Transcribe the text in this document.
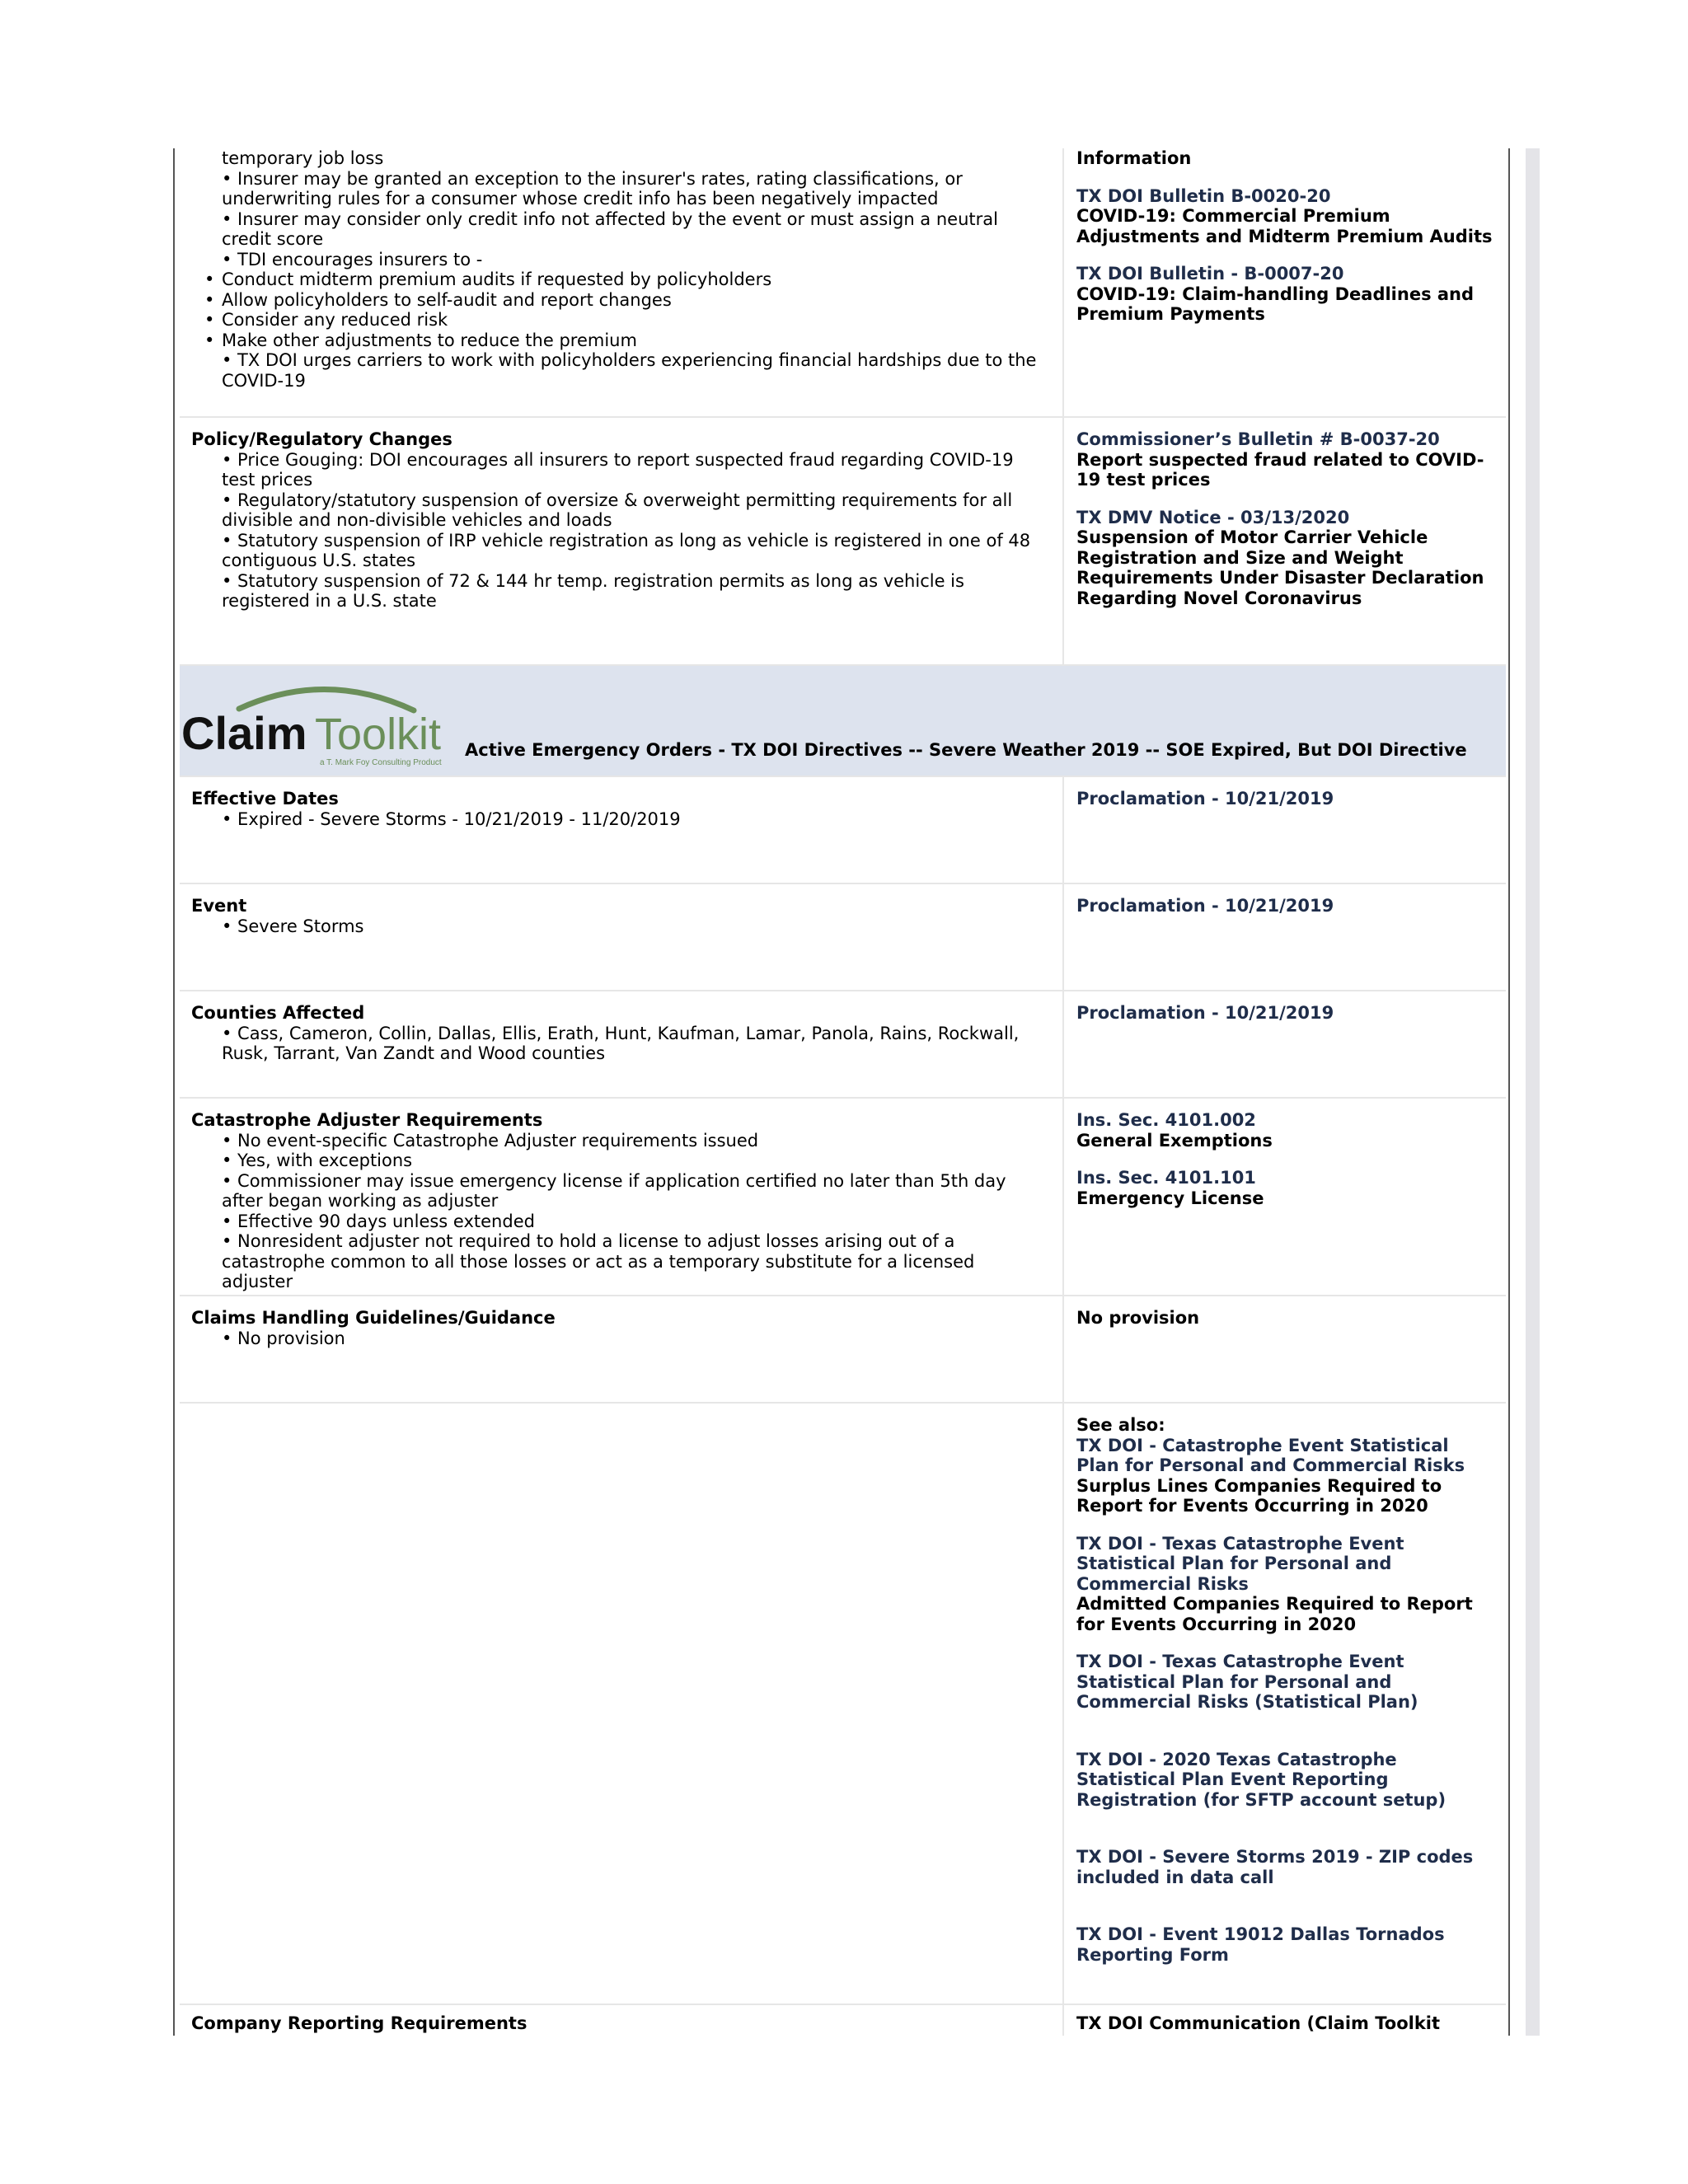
temporary job loss
• Insurer may be granted an exception to the insurer's rates, rating classifications, or underwriting rules for a consumer whose credit info has been negatively impacted
• Insurer may consider only credit info not affected by the event or must assign a neutral credit score
• TDI encourages insurers to -
• Conduct midterm premium audits if requested by policyholders
• Allow policyholders to self-audit and report changes
• Consider any reduced risk
• Make other adjustments to reduce the premium
• TX DOI urges carriers to work with policyholders experiencing financial hardships due to the COVID-19
Information
TX DOI Bulletin B-0020-20
COVID-19: Commercial Premium Adjustments and Midterm Premium Audits
TX DOI Bulletin - B-0007-20
COVID-19: Claim-handling Deadlines and Premium Payments
Policy/Regulatory Changes
• Price Gouging: DOI encourages all insurers to report suspected fraud regarding COVID-19 test prices
• Regulatory/statutory suspension of oversize & overweight permitting requirements for all divisible and non-divisible vehicles and loads
• Statutory suspension of IRP vehicle registration as long as vehicle is registered in one of 48 contiguous U.S. states
• Statutory suspension of 72 & 144 hr temp. registration permits as long as vehicle is registered in a U.S. state
Commissioner’s Bulletin # B-0037-20
Report suspected fraud related to COVID-19 test prices
TX DMV Notice - 03/13/2020
Suspension of Motor Carrier Vehicle Registration and Size and Weight Requirements Under Disaster Declaration Regarding Novel Coronavirus
Claim Toolkit
a T. Mark Foy Consulting Product
Active Emergency Orders - TX DOI Directives -- Severe Weather 2019 -- SOE Expired, But DOI Directive
Effective Dates
• Expired - Severe Storms - 10/21/2019 - 11/20/2019
Proclamation - 10/21/2019
Event
• Severe Storms
Proclamation - 10/21/2019
Counties Affected
• Cass, Cameron, Collin, Dallas, Ellis, Erath, Hunt, Kaufman, Lamar, Panola, Rains, Rockwall, Rusk, Tarrant, Van Zandt and Wood counties
Proclamation - 10/21/2019
Catastrophe Adjuster Requirements
• No event-specific Catastrophe Adjuster requirements issued
• Yes, with exceptions
• Commissioner may issue emergency license if application certified no later than 5th day after began working as adjuster
• Effective 90 days unless extended
• Nonresident adjuster not required to hold a license to adjust losses arising out of a catastrophe common to all those losses or act as a temporary substitute for a licensed adjuster
Ins. Sec. 4101.002
General Exemptions
Ins. Sec. 4101.101
Emergency License
Claims Handling Guidelines/Guidance
• No provision
No provision
See also:
TX DOI - Catastrophe Event Statistical Plan for Personal and Commercial Risks
Surplus Lines Companies Required to Report for Events Occurring in 2020
TX DOI - Texas Catastrophe Event Statistical Plan for Personal and Commercial Risks
Admitted Companies Required to Report for Events Occurring in 2020
TX DOI - Texas Catastrophe Event Statistical Plan for Personal and Commercial Risks (Statistical Plan)
TX DOI - 2020 Texas Catastrophe Statistical Plan Event Reporting Registration (for SFTP account setup)
TX DOI - Severe Storms 2019 - ZIP codes included in data call
TX DOI - Event 19012 Dallas Tornados Reporting Form
Company Reporting Requirements	TX DOI Communication (Claim Toolkit
